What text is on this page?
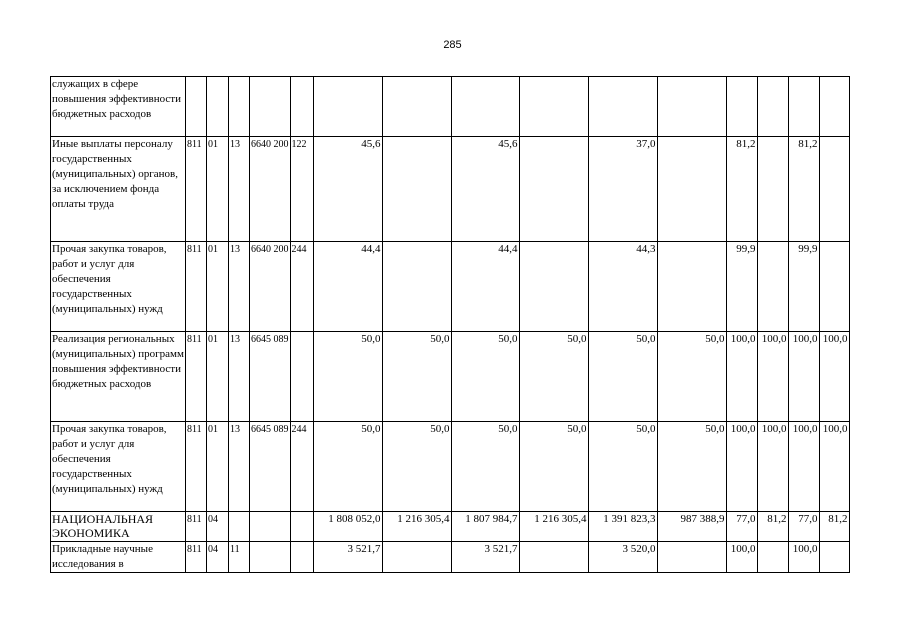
285
служащих в сфере повышения эффективности бюджетных расходов															
Иные выплаты персоналу государственных (муниципальных) органов, за исключением фонда оплаты труда	811	01	13	6640 200	122	45,6		45,6		37,0		81,2		81,2	
Прочая закупка товаров, работ и услуг для обеспечения государственных (муниципальных) нужд	811	01	13	6640 200	244	44,4		44,4		44,3		99,9		99,9	
Реализация региональных (муниципальных) программ повышения эффективности бюджетных расходов	811	01	13	6645 089		50,0	50,0	50,0	50,0	50,0	50,0	100,0	100,0	100,0	100,0
Прочая закупка товаров, работ и услуг для обеспечения государственных (муниципальных) нужд	811	01	13	6645 089	244	50,0	50,0	50,0	50,0	50,0	50,0	100,0	100,0	100,0	100,0
НАЦИОНАЛЬНАЯ ЭКОНОМИКА	811	04				1 808 052,0	1 216 305,4	1 807 984,7	1 216 305,4	1 391 823,3	987 388,9	77,0	81,2	77,0	81,2
Прикладные научные исследования в	811	04	11			3 521,7		3 521,7		3 520,0		100,0		100,0	
